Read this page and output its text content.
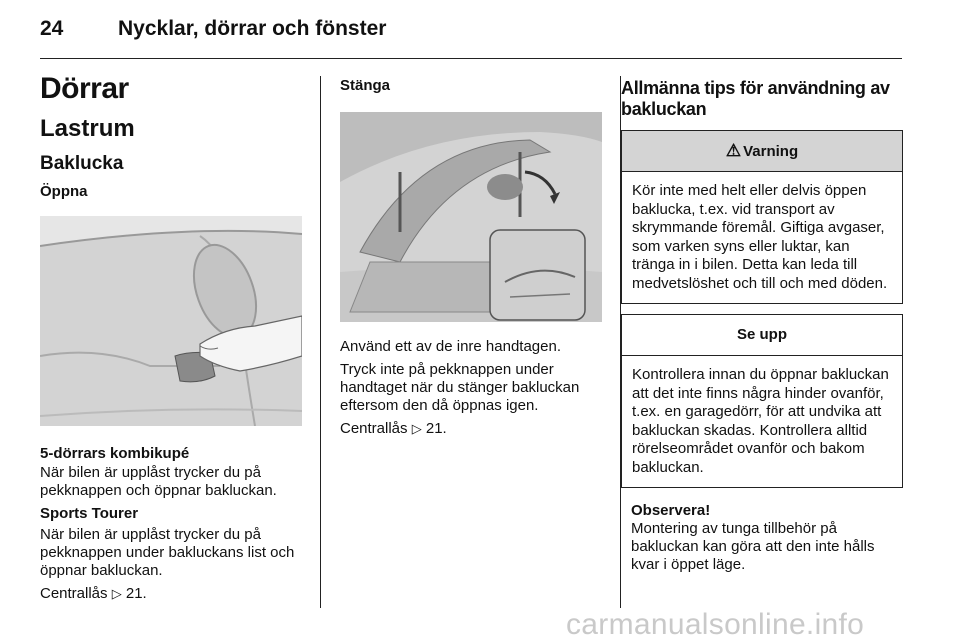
24	Nycklar, dörrar och fönster
Dörrar
Lastrum
Baklucka
Öppna
5-dörrars kombikupé

När bilen är upplåst trycker du på pekknappen och öppnar bakluckan.

Sports Tourer

När bilen är upplåst trycker du på pekknappen under bakluckans list och öppnar bakluckan.

Centrallås ▷ 21.

Stänga

Använd ett av de inre handtagen.

Tryck inte på pekknappen under handtaget när du stänger bakluckan eftersom den då öppnas igen.

Centrallås ▷ 21.

Allmänna tips för användning av bakluckan
⚠ Varning

Kör inte med helt eller delvis öppen baklucka, t.ex. vid transport av skrymmande föremål. Giftiga avgaser, som varken syns eller luktar, kan tränga in i bilen. Detta kan leda till medvetslöshet och till och med döden.

Se upp

Kontrollera innan du öppnar bakluckan att det inte finns några hinder ovanför, t.ex. en garagedörr, för att undvika att bakluckan skadas. Kontrollera alltid rörelseområdet ovanför och bakom bakluckan.

Observera!

Montering av tunga tillbehör på bakluckan kan göra att den inte hålls kvar i öppet läge.

carmanualsonline.info
